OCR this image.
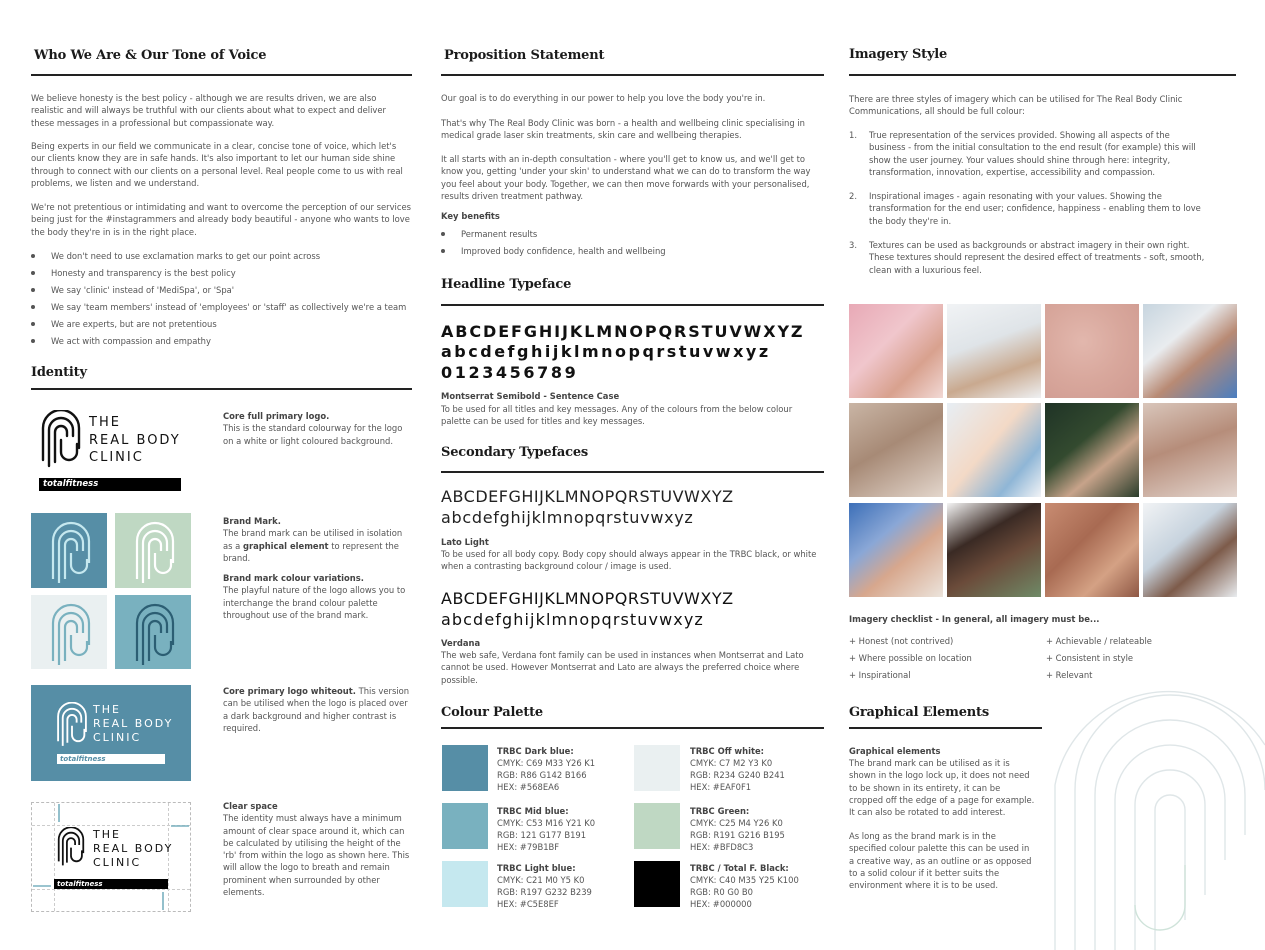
Who We Are & Our Tone of Voice

We believe honesty is the best policy - although we are results driven, we are also realistic and will always be truthful with our clients about what to expect and deliver these messages in a professional but compassionate way.

Being experts in our field we communicate in a clear, concise tone of voice, which let's our clients know they are in safe hands. It's also important to let our human side shine through to connect with our clients on a personal level. Real people come to us with real problems, we listen and we understand.

We're not pretentious or intimidating and want to overcome the perception of our services being just for the #instagrammers and already body beautiful - anyone who wants to love the body they're in is in the right place.

We don't need to use exclamation marks to get our point across
Honesty and transparency is the best policy
We say 'clinic' instead of 'MediSpa', or 'Spa'
We say 'team members' instead of 'employees' or 'staff' as collectively we're a team
We are experts, but are not pretentious
We act with compassion and empathy
Identity
THE
REAL BODY
CLINIC
totalfitness
Core full primary logo.
This is the standard colourway for the logo on a white or light coloured background.
Brand Mark.
The brand mark can be utilised in isolation as a graphical element to represent the brand.
Brand mark colour variations.
The playful nature of the logo allows you to interchange the brand colour palette throughout use of the brand mark.
THE
REAL BODY
CLINIC
totalfitness
Core primary logo whiteout. This version can be utilised when the logo is placed over a dark background and higher contrast is required.
THE
REAL BODY
CLINIC
totalfitness
Clear space
The identity must always have a minimum amount of clear space around it, which can be calculated by utilising the height of the 'rb' from within the logo as shown here. This will allow the logo to breath and remain prominent when surrounded by other elements.
Proposition Statement

Our goal is to do everything in our power to help you love the body you're in.

That's why The Real Body Clinic was born - a health and wellbeing clinic specialising in medical grade laser skin treatments, skin care and wellbeing therapies.

It all starts with an in-depth consultation - where you'll get to know us, and we'll get to know you, getting 'under your skin' to understand what we can do to transform the way you feel about your body. Together, we can then move forwards with your personalised, results driven treatment pathway.

Key benefits
Permanent results
Improved body confidence, health and wellbeing
Headline Typeface
ABCDEFGHIJKLMNOPQRSTUVWXYZ
abcdefghijklmnopqrstuvwxyz
0123456789
Montserrat Semibold - Sentence Case
To be used for all titles and key messages. Any of the colours from the below colour palette can be used for titles and key messages.
Secondary Typefaces
ABCDEFGHIJKLMNOPQRSTUVWXYZ
abcdefghijklmnopqrstuvwxyz
Lato Light
To be used for all body copy. Body copy should always appear in the TRBC black, or white when a contrasting background colour / image is used.
ABCDEFGHIJKLMNOPQRSTUVWXYZ
abcdefghijklmnopqrstuvwxyz
Verdana
The web safe, Verdana font family can be used in instances when Montserrat and Lato cannot be used. However Montserrat and Lato are always the preferred choice where possible.
Colour Palette
TRBC Dark blue:
CMYK: C69 M33 Y26 K1
RGB: R86 G142 B166
HEX: #568EA6
TRBC Off white:
CMYK: C7 M2 Y3 K0
RGB: R234 G240 B241
HEX: #EAF0F1
TRBC Mid blue:
CMYK: C53 M16 Y21 K0
RGB: 121 G177 B191
HEX: #79B1BF
TRBC Green:
CMYK: C25 M4 Y26 K0
RGB: R191 G216 B195
HEX: #BFD8C3
TRBC Light blue:
CMYK: C21 M0 Y5 K0
RGB: R197 G232 B239
HEX: #C5E8EF
TRBC / Total F. Black:
CMYK: C40 M35 Y25 K100
RGB: R0 G0 B0
HEX: #000000
Imagery Style

There are three styles of imagery which can be utilised for The Real Body Clinic Communications, all should be full colour:

1. True representation of the services provided. Showing all aspects of the business - from the initial consultation to the end result (for example) this will show the user journey. Your values should shine through here: integrity, transformation, innovation, expertise, accessibility and compassion.
2. Inspirational images - again resonating with your values. Showing the transformation for the end user; confidence, happiness - enabling them to love the body they're in.
3. Textures can be used as backgrounds or abstract imagery in their own right. These textures should represent the desired effect of treatments - soft, smooth, clean with a luxurious feel.
Imagery checklist - In general, all imagery must be...
+ Honest (not contrived)
+ Where possible on location
+ Inspirational
+ Achievable / relateable
+ Consistent in style
+ Relevant
Graphical Elements
Graphical elements

The brand mark can be utilised as it is shown in the logo lock up, it does not need to be shown in its entirety, it can be cropped off the edge of a page for example. It can also be rotated to add interest.

As long as the brand mark is in the specified colour palette this can be used in a creative way, as an outline or as opposed to a solid colour if it better suits the environment where it is to be used.
